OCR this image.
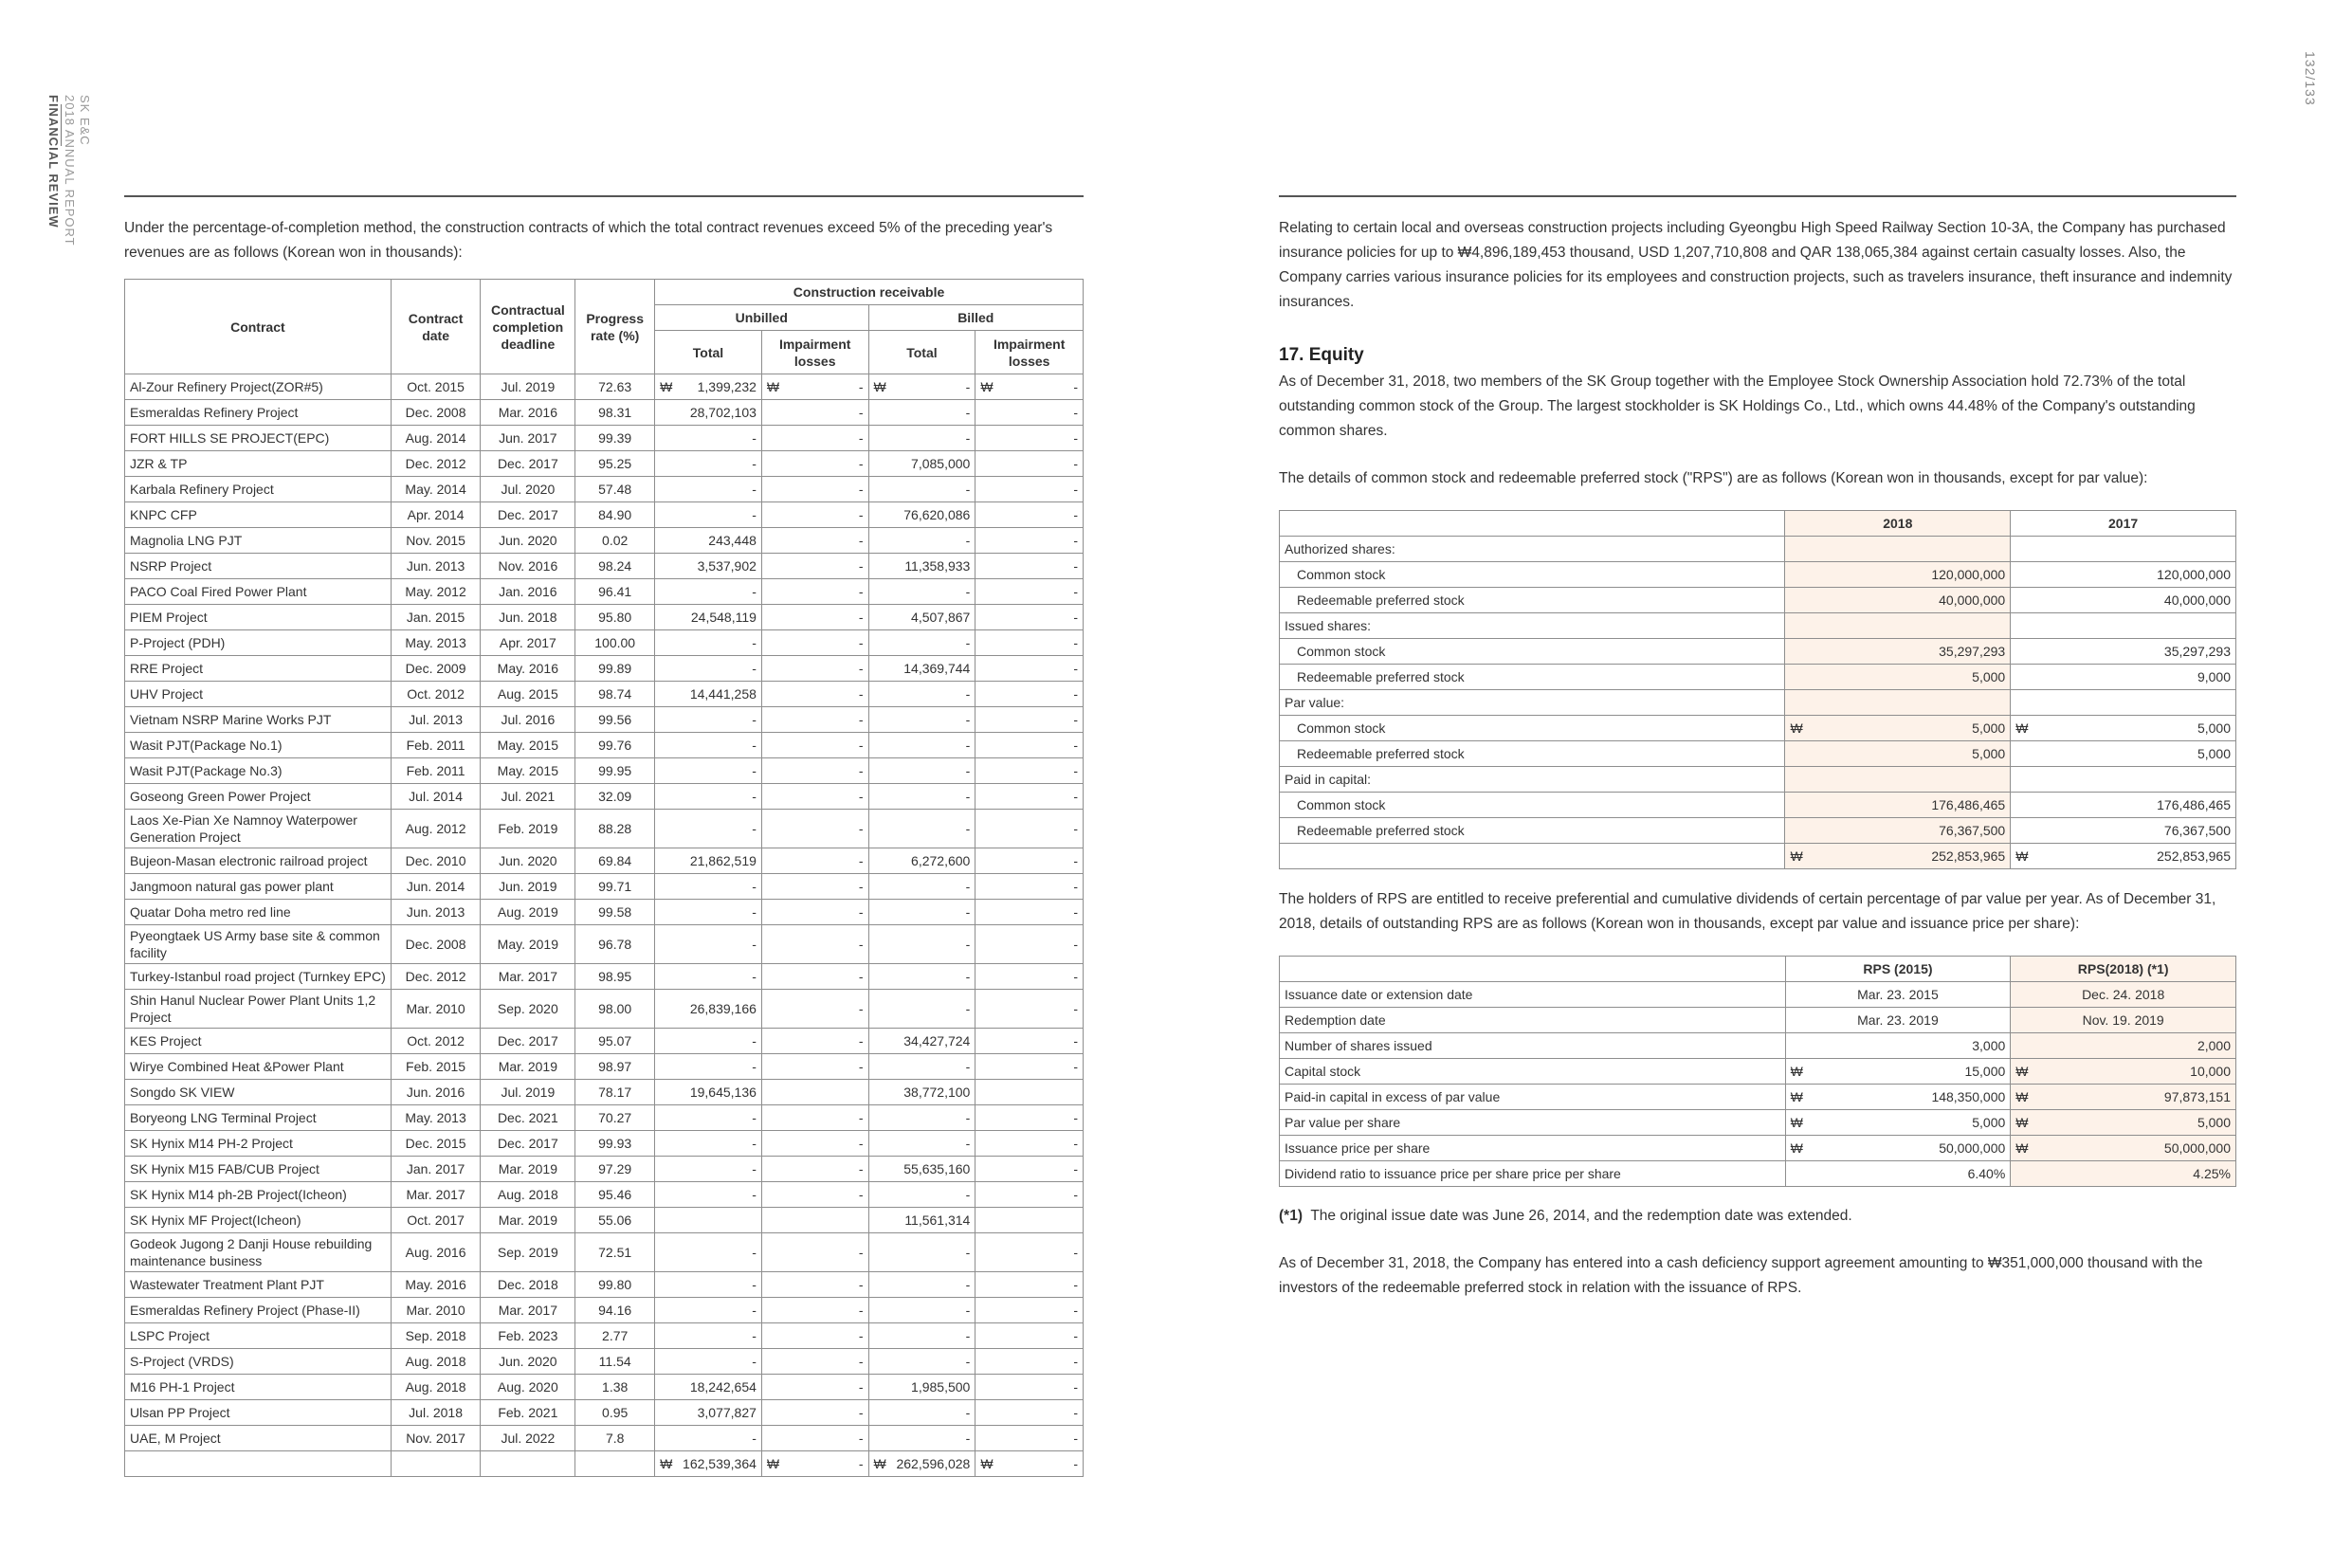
SK E&C
2018 ANNUAL REPORT
FINANCIAL REVIEW
132/133

Under the percentage-of-completion method, the construction contracts of which the total contract revenues exceed 5% of the preceding year's revenues are as follows (Korean won in thousands):

Contract	Contract date	Contractual completion deadline	Progress rate (%)	Construction receivable			
				Unbilled		Billed	
				Total	Impairment losses	Total	Impairment losses
Al-Zour Refinery Project(ZOR#5)	Oct. 2015	Jul. 2019	72.63	₩ 1,399,232	₩ -	₩ -	₩ -

Esmeraldas Refinery Project	Dec. 2008	Mar. 2016	98.31	28,702,103	-	-	-
FORT HILLS SE PROJECT(EPC)	Aug. 2014	Jun. 2017	99.39	-	-	-	-
JZR & TP	Dec. 2012	Dec. 2017	95.25	-	-	7,085,000	-
Karbala Refinery Project	May. 2014	Jul. 2020	57.48	-	-	-	-
KNPC CFP	Apr. 2014	Dec. 2017	84.90	-	-	76,620,086	-
Magnolia LNG PJT	Nov. 2015	Jun. 2020	0.02	243,448	-	-	-
NSRP Project	Jun. 2013	Nov. 2016	98.24	3,537,902	-	11,358,933	-
PACO Coal Fired Power Plant	May. 2012	Jan. 2016	96.41	-	-	-	-
PIEM Project	Jan. 2015	Jun. 2018	95.80	24,548,119	-	4,507,867	-
P-Project (PDH)	May. 2013	Apr. 2017	100.00	-	-	-	-
RRE Project	Dec. 2009	May. 2016	99.89	-	-	14,369,744	-
UHV Project	Oct. 2012	Aug. 2015	98.74	14,441,258	-	-	-
Vietnam NSRP Marine Works PJT	Jul. 2013	Jul. 2016	99.56	-	-	-	-
Wasit PJT(Package No.1)	Feb. 2011	May. 2015	99.76	-	-	-	-
Wasit PJT(Package No.3)	Feb. 2011	May. 2015	99.95	-	-	-	-
Goseong Green Power Project	Jul. 2014	Jul. 2021	32.09	-	-	-	-
Laos Xe-Pian Xe Namnoy Waterpower Generation Project	Aug. 2012	Feb. 2019	88.28	-	-	-	-
Bujeon-Masan electronic railroad project	Dec. 2010	Jun. 2020	69.84	21,862,519	-	6,272,600	-
Jangmoon natural gas power plant	Jun. 2014	Jun. 2019	99.71	-	-	-	-
Quatar Doha metro red line	Jun. 2013	Aug. 2019	99.58	-	-	-	-
Pyeongtaek US Army base site & common facility	Dec. 2008	May. 2019	96.78	-	-	-	-
Turkey-Istanbul road project (Turnkey EPC)	Dec. 2012	Mar. 2017	98.95	-	-	-	-
Shin Hanul Nuclear Power Plant Units 1,2 Project	Mar. 2010	Sep. 2020	98.00	26,839,166	-	-	-
KES Project	Oct. 2012	Dec. 2017	95.07	-	-	34,427,724	-
Wirye Combined Heat &Power Plant	Feb. 2015	Mar. 2019	98.97	-	-	-	-
Songdo SK VIEW	Jun. 2016	Jul. 2019	78.17	19,645,136		38,772,100	
Boryeong LNG Terminal Project	May. 2013	Dec. 2021	70.27	-	-	-	-
SK Hynix M14 PH-2 Project	Dec. 2015	Dec. 2017	99.93	-	-	-	-
SK Hynix M15 FAB/CUB Project	Jan. 2017	Mar. 2019	97.29	-	-	55,635,160	-
SK Hynix M14 ph-2B Project(Icheon)	Mar. 2017	Aug. 2018	95.46	-	-	-	-
SK Hynix MF Project(Icheon)	Oct. 2017	Mar. 2019	55.06			11,561,314	
Godeok Jugong 2 Danji House rebuilding maintenance business	Aug. 2016	Sep. 2019	72.51	-	-	-	-
Wastewater Treatment Plant PJT	May. 2016	Dec. 2018	99.80	-	-	-	-
Esmeraldas Refinery Project (Phase-II)	Mar. 2010	Mar. 2017	94.16	-	-	-	-
LSPC Project	Sep. 2018	Feb. 2023	2.77	-	-	-	-
S-Project (VRDS)	Aug. 2018	Jun. 2020	11.54	-	-	-	-
M16 PH-1 Project	Aug. 2018	Aug. 2020	1.38	18,242,654	-	1,985,500	-
Ulsan PP Project	Jul. 2018	Feb. 2021	0.95	3,077,827	-	-	-
UAE, M Project	Nov. 2017	Jul. 2022	7.8	-	-	-	-

				₩ 162,539,364	₩ -	₩ 262,596,028	₩ -

Relating to certain local and overseas construction projects including Gyeongbu High Speed Railway Section 10-3A, the Company has purchased insurance policies for up to ₩4,896,189,453 thousand, USD 1,207,710,808 and QAR 138,065,384 against certain casualty losses. Also, the Company carries various insurance policies for its employees and construction projects, such as travelers insurance, theft insurance and indemnity insurances.

17. Equity

As of December 31, 2018, two members of the SK Group together with the Employee Stock Ownership Association hold 72.73% of the total outstanding common stock of the Group. The largest stockholder is SK Holdings Co., Ltd., which owns 44.48% of the Company's outstanding common shares.

The details of common stock and redeemable preferred stock ("RPS") are as follows (Korean won in thousands, except for par value):

	2018	2017
Authorized shares:		
Common stock	120,000,000	120,000,000
Redeemable preferred stock	40,000,000	40,000,000
Issued shares:		
Common stock	35,297,293	35,297,293
Redeemable preferred stock	5,000	9,000
Par value:		
Common stock	₩ 5,000	₩ 5,000

Redeemable preferred stock	5,000	5,000
Paid in capital:		
Common stock	176,486,465	176,486,465
Redeemable preferred stock	76,367,500	76,367,500

	₩ 252,853,965	₩ 252,853,965

The holders of RPS are entitled to receive preferential and cumulative dividends of certain percentage of par value per year. As of December 31, 2018, details of outstanding RPS are as follows (Korean won in thousands, except par value and issuance price per share):

	RPS (2015)	RPS(2018) (*1)
Issuance date or extension date	Mar. 23. 2015	Dec. 24. 2018
Redemption date	Mar. 23. 2019	Nov. 19. 2019
Number of shares issued	3,000	2,000
Capital stock	₩ 15,000	₩ 10,000

Paid-in capital in excess of par value	₩ 148,350,000	₩ 97,873,151

Par value per share	₩ 5,000	₩ 5,000

Issuance price per share	₩ 50,000,000	₩ 50,000,000

Dividend ratio to issuance price per share price per share	6.40%	4.25%

(*1) The original issue date was June 26, 2014, and the redemption date was extended.

As of December 31, 2018, the Company has entered into a cash deficiency support agreement amounting to ₩351,000,000 thousand with the investors of the redeemable preferred stock in relation with the issuance of RPS.
